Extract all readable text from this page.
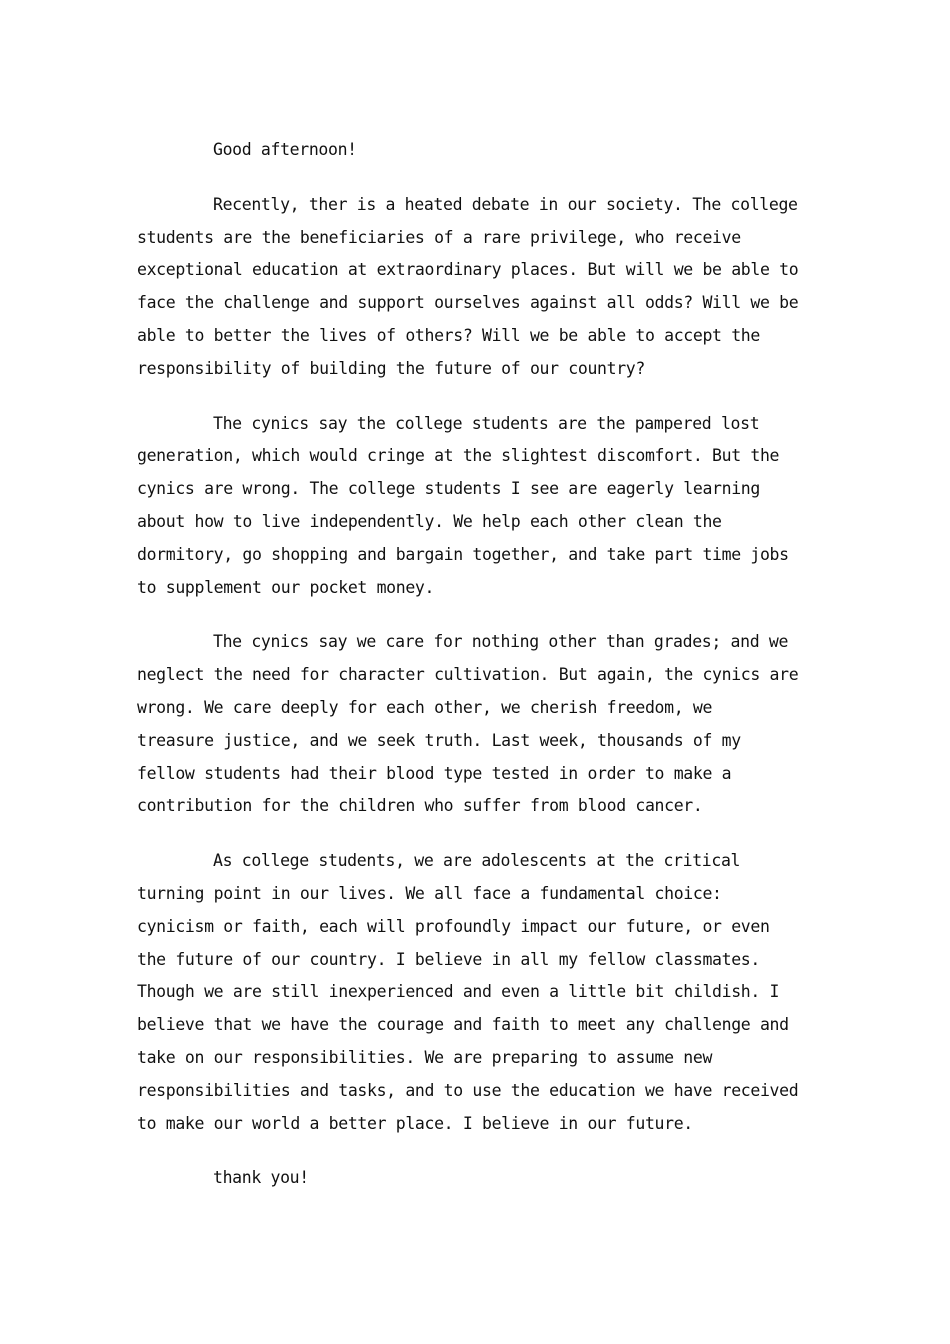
Good afternoon!
Recently, ther is a heated debate in our society. The college
students are the beneficiaries of a rare privilege, who receive
exceptional education at extraordinary places. But will we be able to
face the challenge and support ourselves against all odds? Will we be
able to better the lives of others? Will we be able to accept the
responsibility of building the future of our country?
The cynics say the college students are the pampered lost
generation, which would cringe at the slightest discomfort. But the
cynics are wrong. The college students I see are eagerly learning
about how to live independently. We help each other clean the
dormitory, go shopping and bargain together, and take part time jobs
to supplement our pocket money.
The cynics say we care for nothing other than grades; and we
neglect the need for character cultivation. But again, the cynics are
wrong. We care deeply for each other, we cherish freedom, we
treasure justice, and we seek truth. Last week, thousands of my
fellow students had their blood type tested in order to make a
contribution for the children who suffer from blood cancer.
As college students, we are adolescents at the critical
turning point in our lives. We all face a fundamental choice:
cynicism or faith, each will profoundly impact our future, or even
the future of our country. I believe in all my fellow classmates.
Though we are still inexperienced and even a little bit childish. I
believe that we have the courage and faith to meet any challenge and
take on our responsibilities. We are preparing to assume new
responsibilities and tasks, and to use the education we have received
to make our world a better place. I believe in our future.
thank you!
